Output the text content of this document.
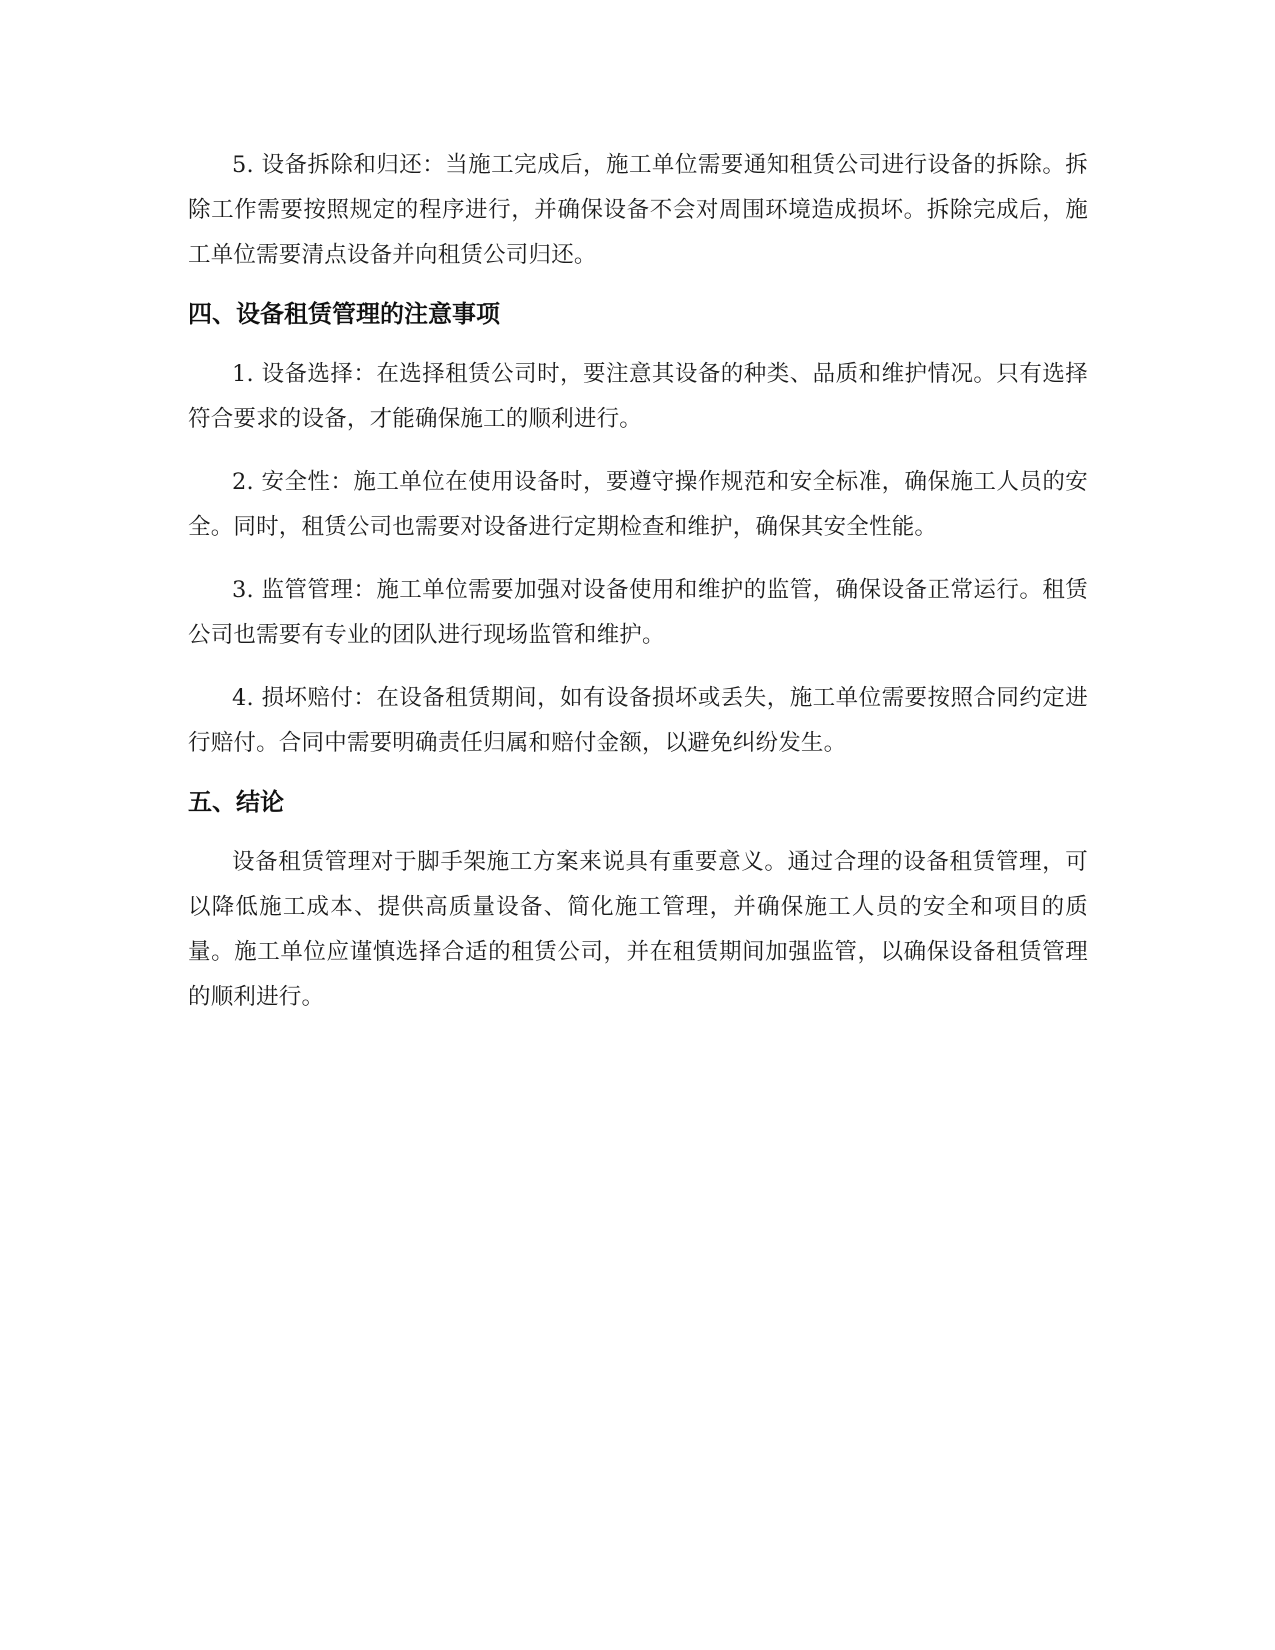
5. 设备拆除和归还：当施工完成后，施工单位需要通知租赁公司进行设备的拆除。拆除工作需要按照规定的程序进行，并确保设备不会对周围环境造成损坏。拆除完成后，施工单位需要清点设备并向租赁公司归还。

四、设备租赁管理的注意事项

1. 设备选择：在选择租赁公司时，要注意其设备的种类、品质和维护情况。只有选择符合要求的设备，才能确保施工的顺利进行。

2. 安全性：施工单位在使用设备时，要遵守操作规范和安全标准，确保施工人员的安全。同时，租赁公司也需要对设备进行定期检查和维护，确保其安全性能。

3. 监管管理：施工单位需要加强对设备使用和维护的监管，确保设备正常运行。租赁公司也需要有专业的团队进行现场监管和维护。

4. 损坏赔付：在设备租赁期间，如有设备损坏或丢失，施工单位需要按照合同约定进行赔付。合同中需要明确责任归属和赔付金额，以避免纠纷发生。

五、结论

设备租赁管理对于脚手架施工方案来说具有重要意义。通过合理的设备租赁管理，可以降低施工成本、提供高质量设备、简化施工管理，并确保施工人员的安全和项目的质量。施工单位应谨慎选择合适的租赁公司，并在租赁期间加强监管，以确保设备租赁管理的顺利进行。
